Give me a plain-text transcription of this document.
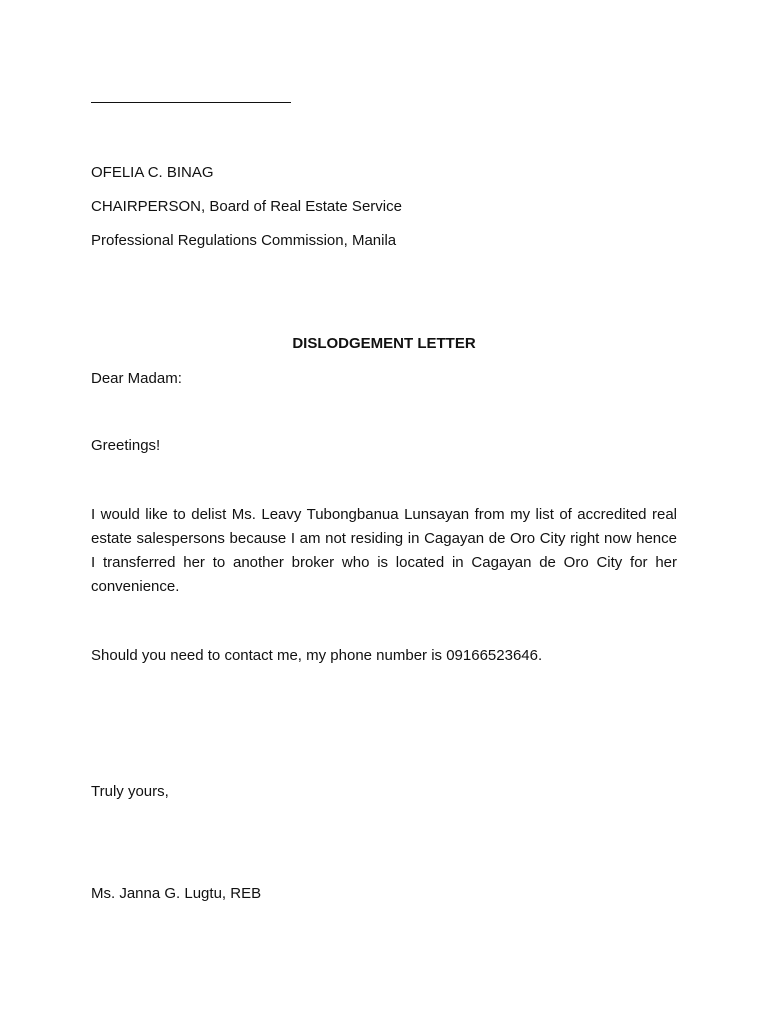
OFELIA C. BINAG
CHAIRPERSON, Board of Real Estate Service
Professional Regulations Commission, Manila
DISLODGEMENT LETTER
Dear Madam:
Greetings!
I would like to delist Ms. Leavy Tubongbanua Lunsayan from my list of accredited real estate salespersons because I am not residing in Cagayan de Oro City right now hence I transferred her to another broker who is located in Cagayan de Oro City for her convenience.
Should you need to contact me, my phone number is 09166523646.
Truly yours,
Ms. Janna G. Lugtu, REB
